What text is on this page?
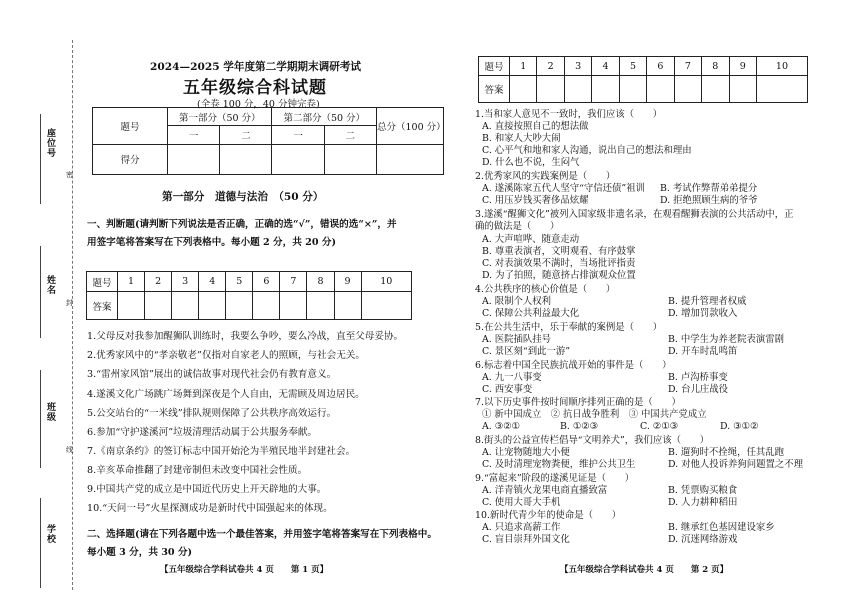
密
封
线
座位号
姓名
班级
学校
2024—2025 学年度第二学期期末调研考试
五年级综合科试题
(全卷 100 分，40 分钟完卷)
题号	第一部分（50 分）		第二部分（50 分）		总分（100 分）
	一	二	一	二	
得分					
第一部分　道德与法治　（50 分）
一、判断题(请判断下列说法是否正确，正确的选“√”，错误的选“×”，并
用签字笔将答案写在下列表格中。每小题 2 分，共 20 分)
题号	1	2	3	4	5	6	7	8	9	10
答案										
1.父母反对我参加醒狮队训练时，我要么争吵，要么冷战，直至父母妥协。
2.优秀家风中的“孝亲敬老”仅指对自家老人的照顾，与社会无关。
3.“雷州家风馆”展出的诚信故事对现代社会仍有教育意义。
4.遂溪文化广场跳广场舞到深夜是个人自由，无需顾及周边居民。
5.公交站台的“一米线”排队规则保障了公共秩序高效运行。
6.参加“守护遂溪河”垃圾清理活动属于公共服务奉献。
7.《南京条约》的签订标志中国开始沦为半殖民地半封建社会。
8.辛亥革命推翻了封建帝制但未改变中国社会性质。
9.中国共产党的成立是中国近代历史上开天辟地的大事。
10.“天问一号”火星探测成功是新时代中国强起来的体现。
二、选择题(请在下列各题中选一个最佳答案，并用签字笔将答案写在下列表格中。
每小题 3 分，共 30 分)
【五年级综合学科试卷共 4 页　　第 1 页】
题号	1	2	3	4	5	6	7	8	9	10
答案										
1.当和家人意见不一致时，我们应该（　　）
A. 直接按照自己的想法做
B. 和家人大吵大闹
C. 心平气和地和家人沟通，说出自己的想法和理由
D. 什么也不说，生闷气
2.优秀家风的实践案例是（　　）
A. 遂溪陈家五代人坚守“守信还债”祖训 B. 考试作弊帮弟弟提分
C. 用压岁钱买奢侈品炫耀	D. 拒绝照顾生病的爷爷
3.遂溪“醒狮文化”被列入国家级非遗名录，在观看醒狮表演的公共活动中，正
确的做法是（　　）
A. 大声喧哗、随意走动
B. 尊重表演者，文明观看、有序鼓掌
C. 对表演效果不满时，当场批评指责
D. 为了拍照，随意挤占排演观众位置
4.公共秩序的核心价值是（　　）
A. 限制个人权利	B. 提升管理者权威
C. 保障公共利益最大化	D. 增加罚款收入
5.在公共生活中，乐于奉献的案例是（　　）
A. 医院插队挂号	B. 中学生为养老院表演雷剧
C. 景区刻“到此一游”	D. 开车时乱鸣笛
6.标志着中国全民族抗战开始的事件是（　　）
A. 九一八事变	B. 卢沟桥事变
C. 西安事变	D. 台儿庄战役
7.以下历史事件按时间顺序排列正确的是（　　）
① 新中国成立　② 抗日战争胜利　③ 中国共产党成立
A. ③②①	B. ①②③	C. ②①③	D. ③①②
8.街头的公益宣传栏倡导“文明养犬”，我们应该（　　）
A. 让宠物随地大小便	B. 遛狗时不拴绳，任其乱跑
C. 及时清理宠物粪便，维护公共卫生	D. 对他人投诉养狗问题置之不理
9.“富起来”阶段的遂溪见证是（　　）
A. 洋青镇火龙果电商直播致富	B. 凭票购买粮食
C. 使用大哥大手机	D. 人力耕种稻田
10.新时代青少年的使命是（　　）
A. 只追求高薪工作	B. 继承红色基因建设家乡
C. 盲目崇拜外国文化	D. 沉迷网络游戏
【五年级综合学科试卷共 4 页　　第 2 页】
